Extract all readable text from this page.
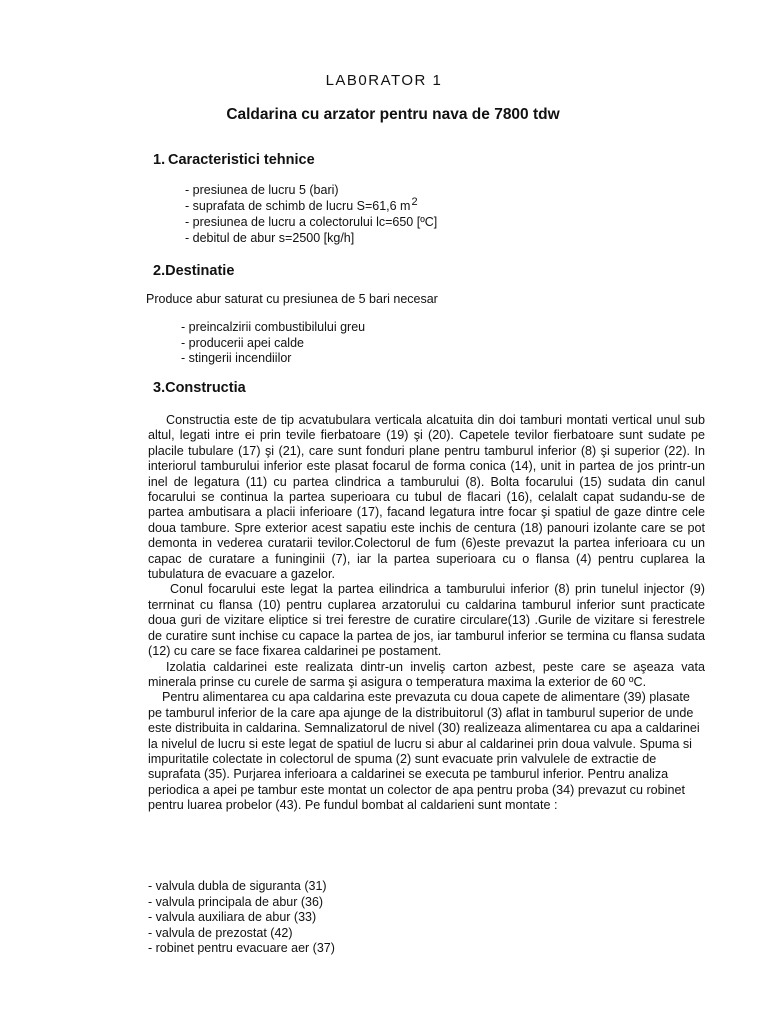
LAB0RATOR 1
Caldarina cu arzator pentru nava de 7800 tdw
1. Caracteristici tehnice
- presiunea de lucru 5 (bari)
- suprafata de schimb de lucru S=61,6 m2
- presiunea de lucru a colectorului lc=650 [ºC]
- debitul de abur s=2500 [kg/h]
2.Destinatie
Produce abur saturat cu presiunea de 5 bari necesar
- preincalzirii combustibilului greu
- producerii apei calde
- stingerii incendiilor
3.Constructia

Constructia este de tip acvatubulara verticala alcatuita din doi tamburi montati vertical unul sub altul, legati intre ei prin tevile fierbatoare (19) şi (20). Capetele tevilor fierbatoare sunt sudate pe placile tubulare (17) şi (21), care sunt fonduri plane pentru tamburul inferior (8) şi superior (22). In interiorul tamburului inferior este plasat focarul de forma conica (14), unit in partea de jos printr-un inel de legatura (11) cu partea clindrica a tamburului (8). Bolta focarului (15) sudata din canul focarului se continua la partea superioara cu tubul de flacari (16), celalalt capat sudandu-se de partea ambutisara a placii inferioare (17), facand legatura intre focar şi spatiul de gaze dintre cele doua tambure. Spre exterior acest sapatiu este inchis de centura (18) panouri izolante care se pot demonta in vederea curatarii tevilor.Colectorul de fum (6)este prevazut la partea inferioara cu un capac de curatare a funinginii (7), iar la partea superioara cu o flansa (4) pentru cuplarea la tubulatura de evacuare a gazelor.

Conul focarului este legat la partea eilindrica a tamburului inferior (8) prin tunelul injector (9) terrninat cu flansa (10) pentru cuplarea arzatorului cu caldarina tamburul inferior sunt practicate doua guri de vizitare eliptice si trei ferestre de curatire circulare(13) .Gurile de vizitare si ferestrele de curatire sunt inchise cu capace la partea de jos, iar tamburul inferior se termina cu flansa sudata (12) cu care se face fixarea caldarinei pe postament.

Izolatia caldarinei este realizata dintr-un inveliş carton azbest, peste care se aşeaza vata minerala prinse cu curele de sarma şi asigura o temperatura maxima la exterior de 60 ºC.

Pentru alimentarea cu apa caldarina este prevazuta cu doua capete de alimentare (39) plasate pe tamburul inferior de la care apa ajunge de la distribuitorul (3) aflat in tamburul superior de unde este distribuita in caldarina. Semnalizatorul de nivel (30) realizeaza alimentarea cu apa a caldarinei la nivelul de lucru si este legat de spatiul de lucru si abur al caldarinei prin doua valvule. Spuma si impuritatile colectate in colectorul de spuma (2) sunt evacuate prin valvulele de extractie de suprafata (35). Purjarea inferioara a caldarinei se executa pe tamburul inferior. Pentru analiza periodica a apei pe tambur este montat un colector de apa pentru proba (34) prevazut cu robinet pentru luarea probelor (43). Pe fundul bombat al caldarieni sunt montate :

- valvula dubla de siguranta (31)
- valvula principala de abur (36)
- valvula auxiliara de abur (33)
- valvula de prezostat (42)
- robinet pentru evacuare aer (37)
